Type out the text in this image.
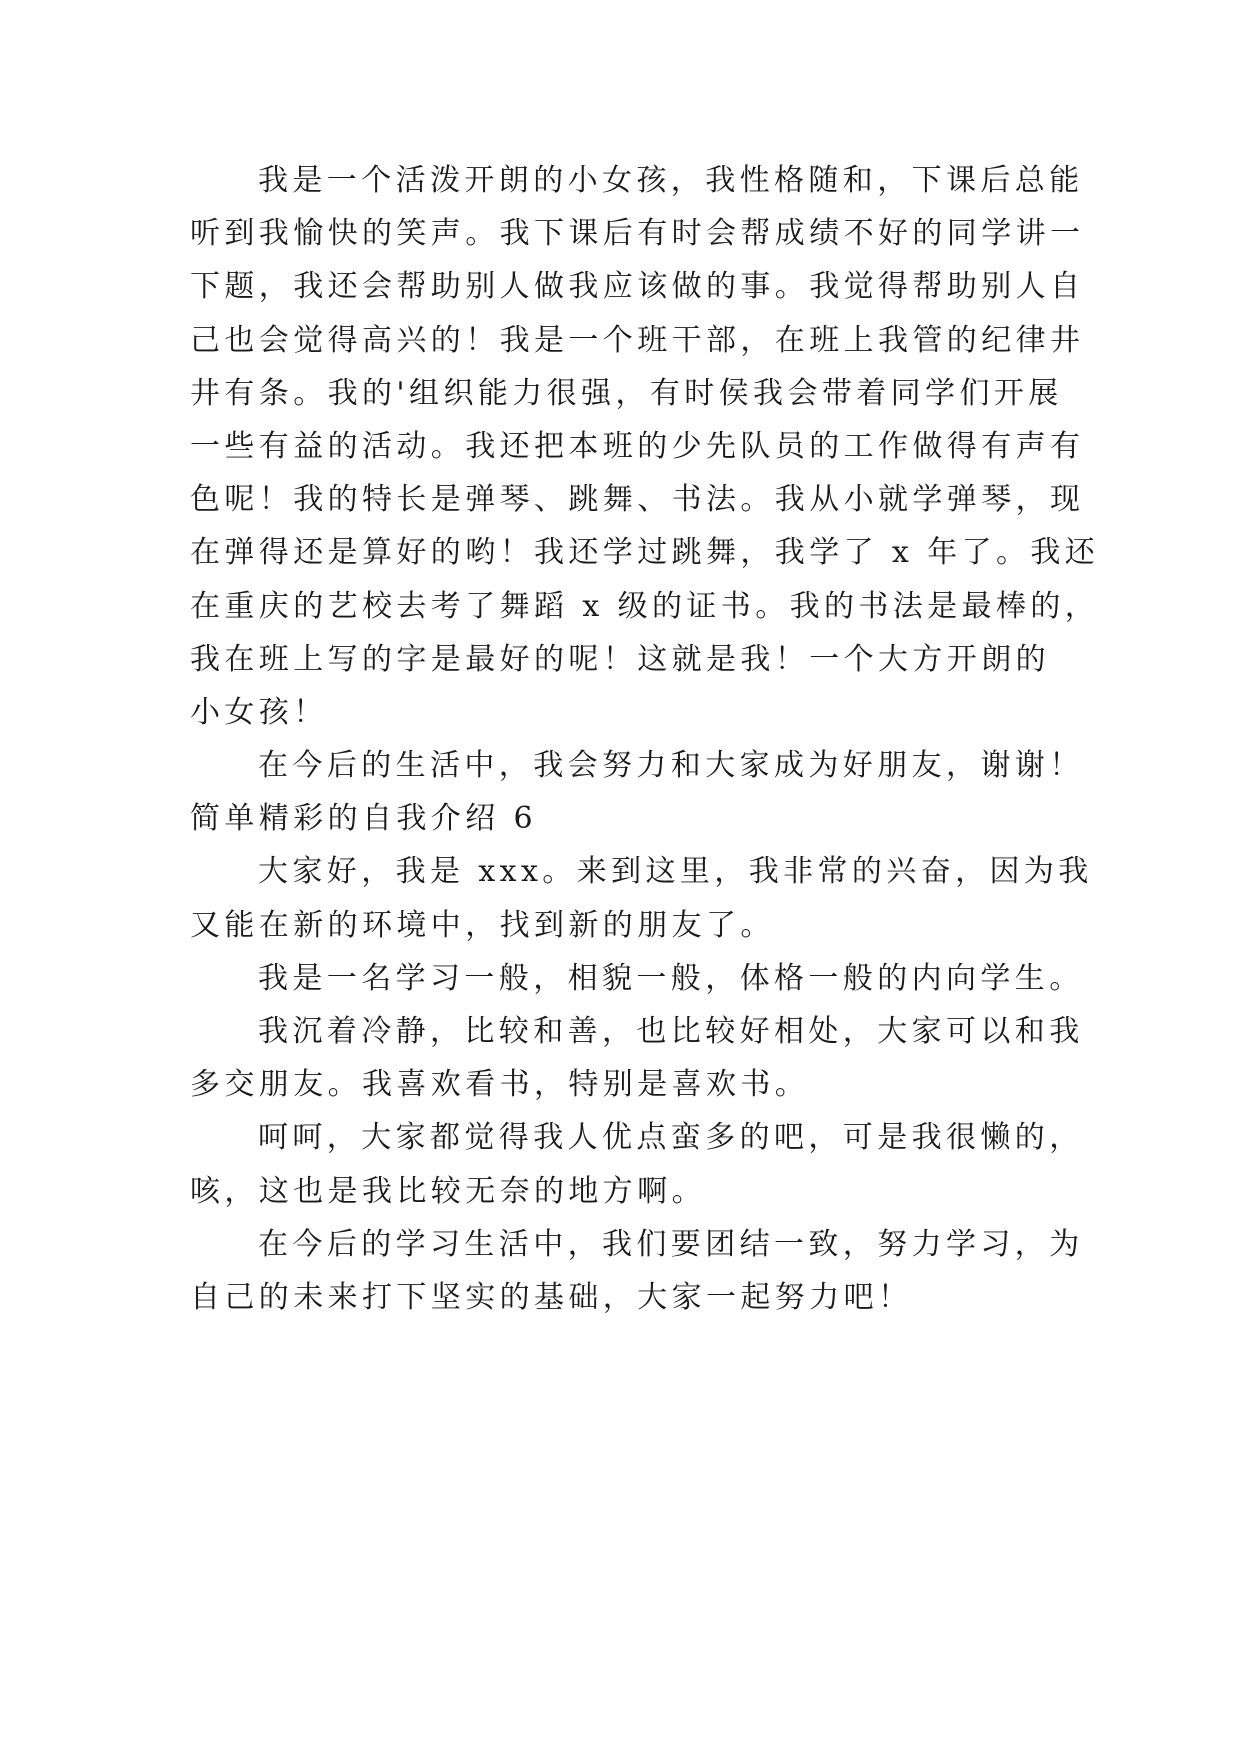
我是一个活泼开朗的小女孩，我性格随和，下课后总能
听到我愉快的笑声。我下课后有时会帮成绩不好的同学讲一
下题，我还会帮助别人做我应该做的事。我觉得帮助别人自
己也会觉得高兴的！我是一个班干部，在班上我管的纪律井
井有条。我的'组织能力很强，有时侯我会带着同学们开展
一些有益的活动。我还把本班的少先队员的工作做得有声有
色呢！我的特长是弹琴、跳舞、书法。我从小就学弹琴，现
在弹得还是算好的哟！我还学过跳舞，我学了 x 年了。我还
在重庆的艺校去考了舞蹈 x 级的证书。我的书法是最棒的，
我在班上写的字是最好的呢！这就是我！一个大方开朗的
小女孩！
在今后的生活中，我会努力和大家成为好朋友，谢谢！
简单精彩的自我介绍 6
大家好，我是 xxx。来到这里，我非常的兴奋，因为我
又能在新的环境中，找到新的朋友了。
我是一名学习一般，相貌一般，体格一般的内向学生。
我沉着冷静，比较和善，也比较好相处，大家可以和我
多交朋友。我喜欢看书，特别是喜欢书。
呵呵，大家都觉得我人优点蛮多的吧，可是我很懒的，
咳，这也是我比较无奈的地方啊。
在今后的学习生活中，我们要团结一致，努力学习，为
自己的未来打下坚实的基础，大家一起努力吧！
